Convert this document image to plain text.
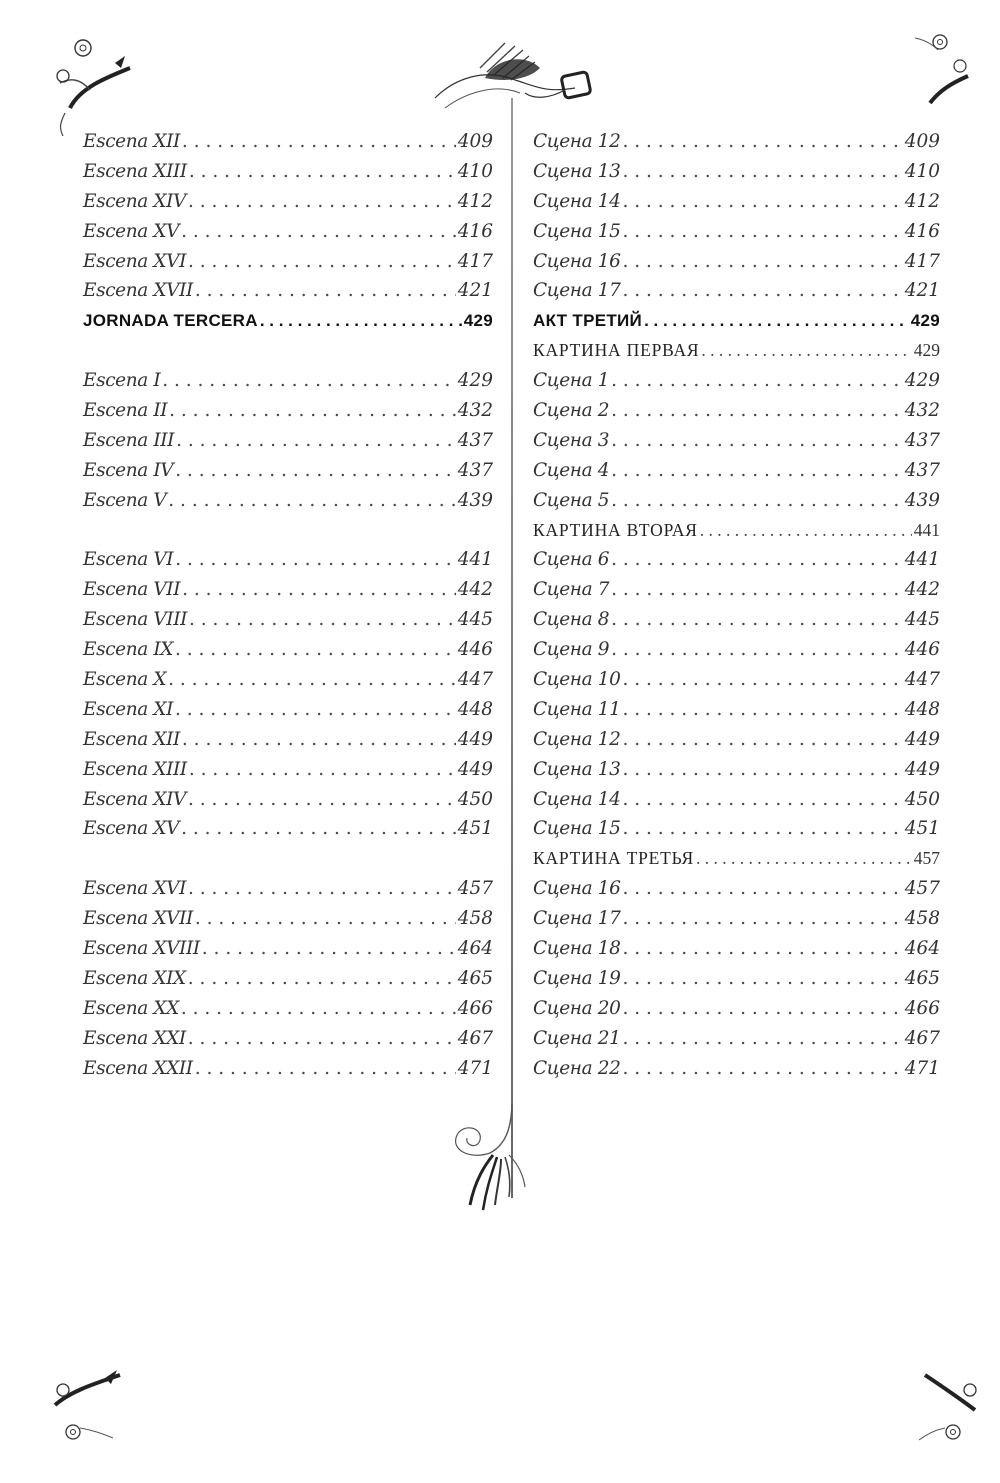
Escena XII . . .	409
Escena XIII . . .	410
Escena XIV . . .	412
Escena XV . . .	416
Escena XVI . . .	417
Escena XVII . . .	421
JORNADA TERCERA . . .	429
Escena I . . .	429
Escena II . . .	432
Escena III . . .	437
Escena IV . . .	437
Escena V . . .	439
Escena VI . . .	441
Escena VII . . .	442
Escena VIII . . .	445
Escena IX . . .	446
Escena X . . .	447
Escena XI . . .	448
Escena XII . . .	449
Escena XIII . . .	449
Escena XIV . . .	450
Escena XV . . .	451
Escena XVI . . .	457
Escena XVII . . .	458
Escena XVIII . . .	464
Escena XIX . . .	465
Escena XX . . .	466
Escena XXI . . .	467
Escena XXII . . .	471
Сцена 12 . . .	409
Сцена 13 . . .	410
Сцена 14 . . .	412
Сцена 15 . . .	416
Сцена 16 . . .	417
Сцена 17 . . .	421
АКТ ТРЕТИЙ . . .	429
КАРТИНА ПЕРВАЯ . . .	429
Сцена 1 . . .	429
Сцена 2 . . .	432
Сцена 3 . . .	437
Сцена 4 . . .	437
Сцена 5 . . .	439
КАРТИНА ВТОРАЯ . . .	441
Сцена 6 . . .	441
Сцена 7 . . .	442
Сцена 8 . . .	445
Сцена 9 . . .	446
Сцена 10 . . .	447
Сцена 11 . . .	448
Сцена 12 . . .	449
Сцена 13 . . .	449
Сцена 14 . . .	450
Сцена 15 . . .	451
КАРТИНА ТРЕТЬЯ . . .	457
Сцена 16 . . .	457
Сцена 17 . . .	458
Сцена 18 . . .	464
Сцена 19 . . .	465
Сцена 20 . . .	466
Сцена 21 . . .	467
Сцена 22 . . .	471
